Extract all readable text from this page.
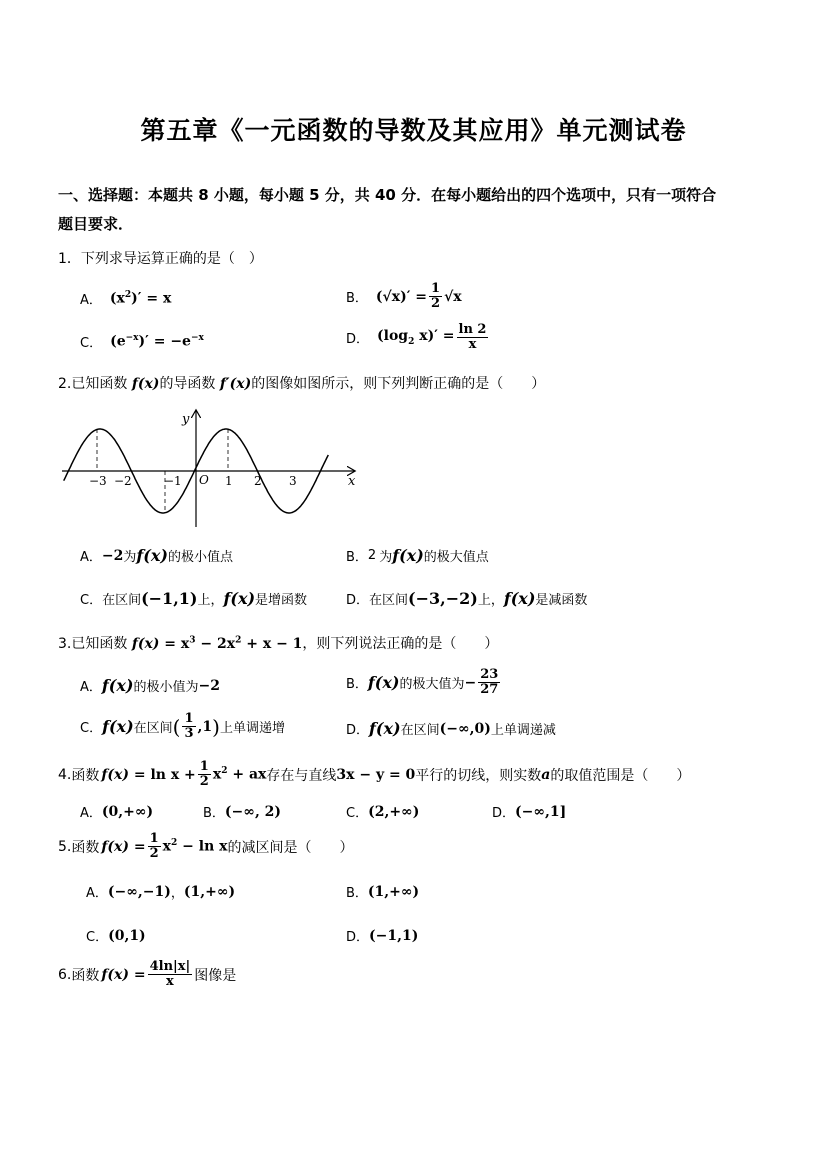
第五章《一元函数的导数及其应用》单元测试卷
一、选择题：本题共 8 小题，每小题 5 分，共 40 分．在每小题给出的四个选项中，只有一项符合
题目要求．
1．下列求导运算正确的是（　）
A． $(x^2)' = x$	B． $(√x)' = \frac{1}{2} √x$
C． $(e^{-x})' = -e^{-x}$	D． ($\log_2$ $x)' = \frac{\ln 2}{x}$
2.已知函数 f(x)的导函数 f′(x)的图像如图所示，则下列判断正确的是（　　）
y
x
O
−3 −2	−1	1 2 3
A． −2 为 f(x) 的极小值点	B． 2 为 f(x) 的极大值点
C．在区间 (−1,1) 上， f(x) 是增函数	D．在区间 (−3,−2) 上， f(x) 是减函数
3.已知函数 $f(x) = x^3 - 2x^2 + x - 1$，则下列说法正确的是（　　）
A． f(x) 的极小值为 −2	B． f(x) 的极大值为 − $\frac{23}{27}$
C． f(x) 在区间 ( $\frac{1}{3} ,1$ ) 上单调递增	D． f(x) 在区间 (−∞,0) 上单调递减
4. 函数 $f(x) = \ln x + \frac{1}{2} x^2$ + ax 存在与直线 3x − y = 0 平行的切线，则实数 a 的取值范围是（　　）
A． (0,+∞)	B． (−∞, 2)	C． (2,+∞)	D． (−∞,1]
5. 函数 $f(x) = \frac{1}{2} x^2 - \ln x$ 的减区间是（　　）
A． (−∞,−1) ， (1,+∞)	B． (1,+∞)
C． (0,1)	D． (−1,1)
6. 函数 $f(x) = \frac{4\ln|x|}{x}$ 图像是
